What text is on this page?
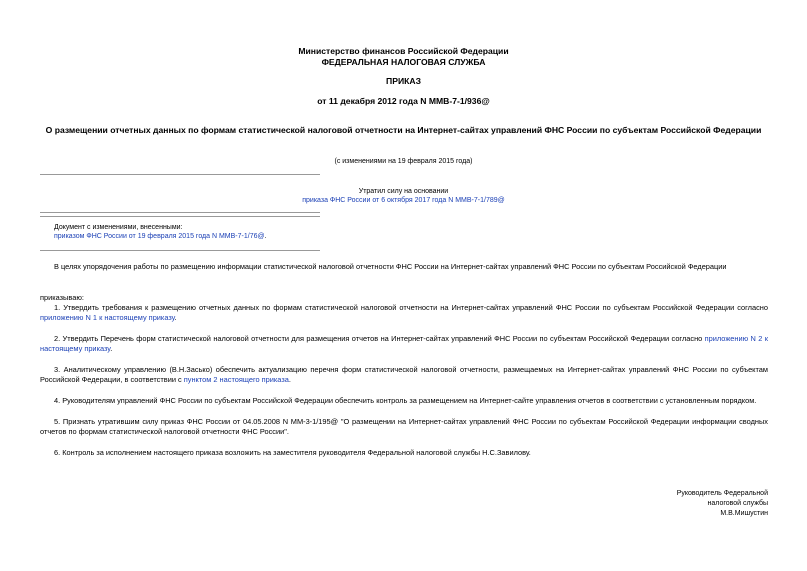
Министерство финансов Российской Федерации
ФЕДЕРАЛЬНАЯ НАЛОГОВАЯ СЛУЖБА
ПРИКАЗ
от 11 декабря 2012 года N ММВ-7-1/936@
О размещении отчетных данных по формам статистической налоговой отчетности на Интернет-сайтах управлений ФНС России по субъектам Российской Федерации
(с изменениями на 19 февраля 2015 года)
Утратил силу на основании
приказа ФНС России от 6 октября 2017 года N ММВ-7-1/789@
Документ с изменениями, внесенными:
приказом ФНС России от 19 февраля 2015 года N ММВ-7-1/76@.

В целях упорядочения работы по размещению информации статистической налоговой отчетности ФНС России на Интернет-сайтах управлений ФНС России по субъектам Российской Федерации

приказываю:

1. Утвердить требования к размещению отчетных данных по формам статистической налоговой отчетности на Интернет-сайтах управлений ФНС России по субъектам Российской Федерации согласно приложению N 1 к настоящему приказу.

2. Утвердить Перечень форм статистической налоговой отчетности для размещения отчетов на Интернет-сайтах управлений ФНС России по субъектам Российской Федерации согласно приложению N 2 к настоящему приказу.

3. Аналитическому управлению (В.Н.Засько) обеспечить актуализацию перечня форм статистической налоговой отчетности, размещаемых на Интернет-сайтах управлений ФНС России по субъектам Российской Федерации, в соответствии с пунктом 2 настоящего приказа.

4. Руководителям управлений ФНС России по субъектам Российской Федерации обеспечить контроль за размещением на Интернет-сайте управления отчетов в соответствии с установленным порядком.

5. Признать утратившим силу приказ ФНС России от 04.05.2008 N ММ-3-1/195@ "О размещении на Интернет-сайтах управлений ФНС России по субъектам Российской Федерации информации сводных отчетов по формам статистической налоговой отчетности ФНС России".

6. Контроль за исполнением настоящего приказа возложить на заместителя руководителя Федеральной налоговой службы Н.С.Завилову.

Руководитель Федеральной
налоговой службы
М.В.Мишустин
